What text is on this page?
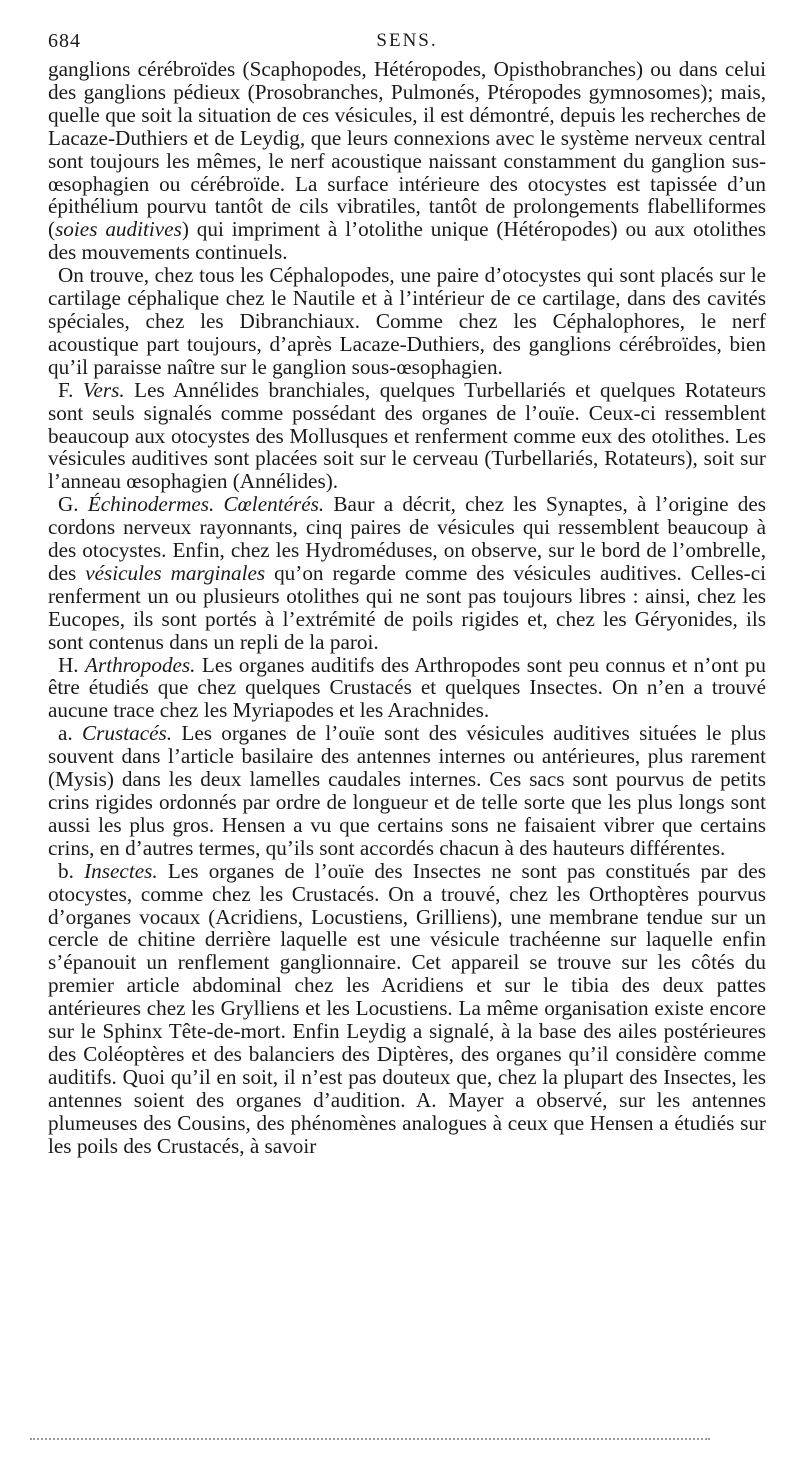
684	SENS.

ganglions cérébroïdes (Scaphopodes, Hétéropodes, Opisthobranches) ou dans celui des ganglions pédieux (Prosobranches, Pulmonés, Ptéropodes gymnosomes); mais, quelle que soit la situation de ces vésicules, il est démontré, depuis les recherches de Lacaze-Duthiers et de Leydig, que leurs connexions avec le système nerveux central sont toujours les mêmes, le nerf acoustique naissant constamment du ganglion sus-œsophagien ou cérébroïde. La surface intérieure des otocystes est tapissée d’un épithélium pourvu tantôt de cils vibratiles, tantôt de prolongements flabelliformes (soies auditives) qui impriment à l’otolithe unique (Hétéropodes) ou aux otolithes des mouvements continuels.

On trouve, chez tous les Céphalopodes, une paire d’otocystes qui sont placés sur le cartilage céphalique chez le Nautile et à l’intérieur de ce cartilage, dans des cavités spéciales, chez les Dibranchiaux. Comme chez les Céphalophores, le nerf acoustique part toujours, d’après Lacaze-Duthiers, des ganglions cérébroïdes, bien qu’il paraisse naître sur le ganglion sous-œsophagien.

F. Vers. Les Annélides branchiales, quelques Turbellariés et quelques Rotateurs sont seuls signalés comme possédant des organes de l’ouïe. Ceux-ci ressemblent beaucoup aux otocystes des Mollusques et renferment comme eux des otolithes. Les vésicules auditives sont placées soit sur le cerveau (Turbellariés, Rotateurs), soit sur l’anneau œsophagien (Annélides).

G. Échinodermes. Cœlentérés. Baur a décrit, chez les Synaptes, à l’origine des cordons nerveux rayonnants, cinq paires de vésicules qui ressemblent beaucoup à des otocystes. Enfin, chez les Hydroméduses, on observe, sur le bord de l’ombrelle, des vésicules marginales qu’on regarde comme des vésicules auditives. Celles-ci renferment un ou plusieurs otolithes qui ne sont pas toujours libres : ainsi, chez les Eucopes, ils sont portés à l’extrémité de poils rigides et, chez les Géryonides, ils sont contenus dans un repli de la paroi.

H. Arthropodes. Les organes auditifs des Arthropodes sont peu connus et n’ont pu être étudiés que chez quelques Crustacés et quelques Insectes. On n’en a trouvé aucune trace chez les Myriapodes et les Arachnides.

a. Crustacés. Les organes de l’ouïe sont des vésicules auditives situées le plus souvent dans l’article basilaire des antennes internes ou antérieures, plus rarement (Mysis) dans les deux lamelles caudales internes. Ces sacs sont pourvus de petits crins rigides ordonnés par ordre de longueur et de telle sorte que les plus longs sont aussi les plus gros. Hensen a vu que certains sons ne faisaient vibrer que certains crins, en d’autres termes, qu’ils sont accordés chacun à des hauteurs différentes.

b. Insectes. Les organes de l’ouïe des Insectes ne sont pas constitués par des otocystes, comme chez les Crustacés. On a trouvé, chez les Orthoptères pourvus d’organes vocaux (Acridiens, Locustiens, Grilliens), une membrane tendue sur un cercle de chitine derrière laquelle est une vésicule trachéenne sur laquelle enfin s’épanouit un renflement ganglionnaire. Cet appareil se trouve sur les côtés du premier article abdominal chez les Acridiens et sur le tibia des deux pattes antérieures chez les Grylliens et les Locustiens. La même organisation existe encore sur le Sphinx Tête-de-mort. Enfin Leydig a signalé, à la base des ailes postérieures des Coléoptères et des balanciers des Diptères, des organes qu’il considère comme auditifs. Quoi qu’il en soit, il n’est pas douteux que, chez la plupart des Insectes, les antennes soient des organes d’audition. A. Mayer a observé, sur les antennes plumeuses des Cousins, des phénomènes analogues à ceux que Hensen a étudiés sur les poils des Crustacés, à savoir
